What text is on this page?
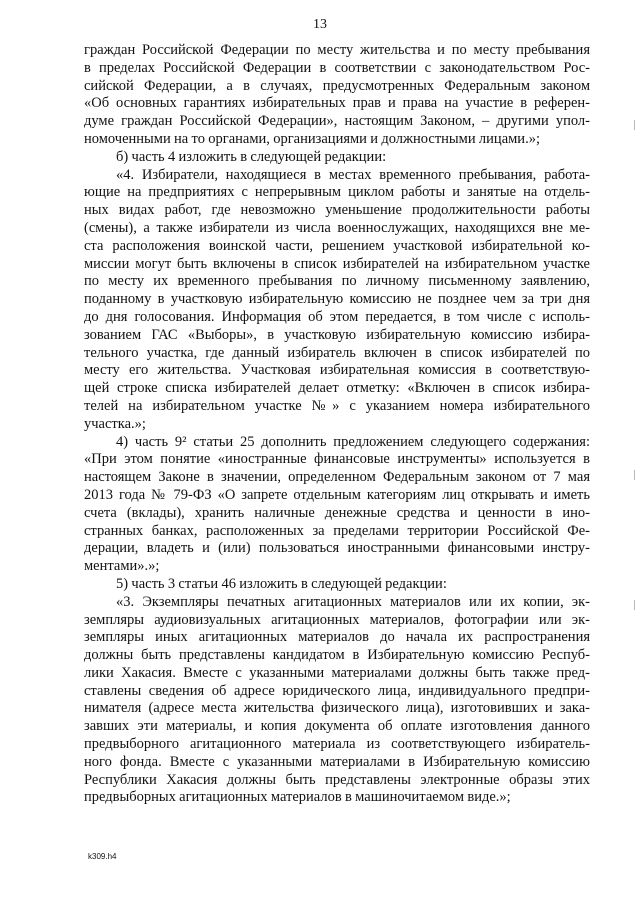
13
граждан Российской Федерации по месту жительства и по месту пребывания
в пределах Российской Федерации в соответствии с законодательством Рос-
сийской Федерации, а в случаях, предусмотренных Федеральным законом
«Об основных гарантиях избирательных прав и права на участие в референ-
думе граждан Российской Федерации», настоящим Законом, – другими упол-
номоченными на то органами, организациями и должностными лицами.»;
б) часть 4 изложить в следующей редакции:
«4. Избиратели, находящиеся в местах временного пребывания, работа-
ющие на предприятиях с непрерывным циклом работы и занятые на отдель-
ных видах работ, где невозможно уменьшение продолжительности работы
(смены), а также избиратели из числа военнослужащих, находящихся вне ме-
ста расположения воинской части, решением участковой избирательной ко-
миссии могут быть включены в список избирателей на избирательном участке
по месту их временного пребывания по личному письменному заявлению,
поданному в участковую избирательную комиссию не позднее чем за три дня
до дня голосования. Информация об этом передается, в том числе с исполь-
зованием ГАС «Выборы», в участковую избирательную комиссию избира-
тельного участка, где данный избиратель включен в список избирателей по
месту его жительства. Участковая избирательная комиссия в соответствую-
щей строке списка избирателей делает отметку: «Включен в список избира-
телей на избирательном участке №» с указанием номера избирательного
участка.»;
4) часть 9² статьи 25 дополнить предложением следующего содержания:
«При этом понятие «иностранные финансовые инструменты» используется в
настоящем Законе в значении, определенном Федеральным законом от 7 мая
2013 года № 79-ФЗ «О запрете отдельным категориям лиц открывать и иметь
счета (вклады), хранить наличные денежные средства и ценности в ино-
странных банках, расположенных за пределами территории Российской Фе-
дерации, владеть и (или) пользоваться иностранными финансовыми инстру-
ментами».»;
5) часть 3 статьи 46 изложить в следующей редакции:
«3. Экземпляры печатных агитационных материалов или их копии, эк-
земпляры аудиовизуальных агитационных материалов, фотографии или эк-
земпляры иных агитационных материалов до начала их распространения
должны быть представлены кандидатом в Избирательную комиссию Респуб-
лики Хакасия. Вместе с указанными материалами должны быть также пред-
ставлены сведения об адресе юридического лица, индивидуального предпри-
нимателя (адресе места жительства физического лица), изготовивших и зака-
завших эти материалы, и копия документа об оплате изготовления данного
предвыборного агитационного материала из соответствующего избиратель-
ного фонда. Вместе с указанными материалами в Избирательную комиссию
Республики Хакасия должны быть представлены электронные образы этих
предвыборных агитационных материалов в машиночитаемом виде.»;
k309.h4
